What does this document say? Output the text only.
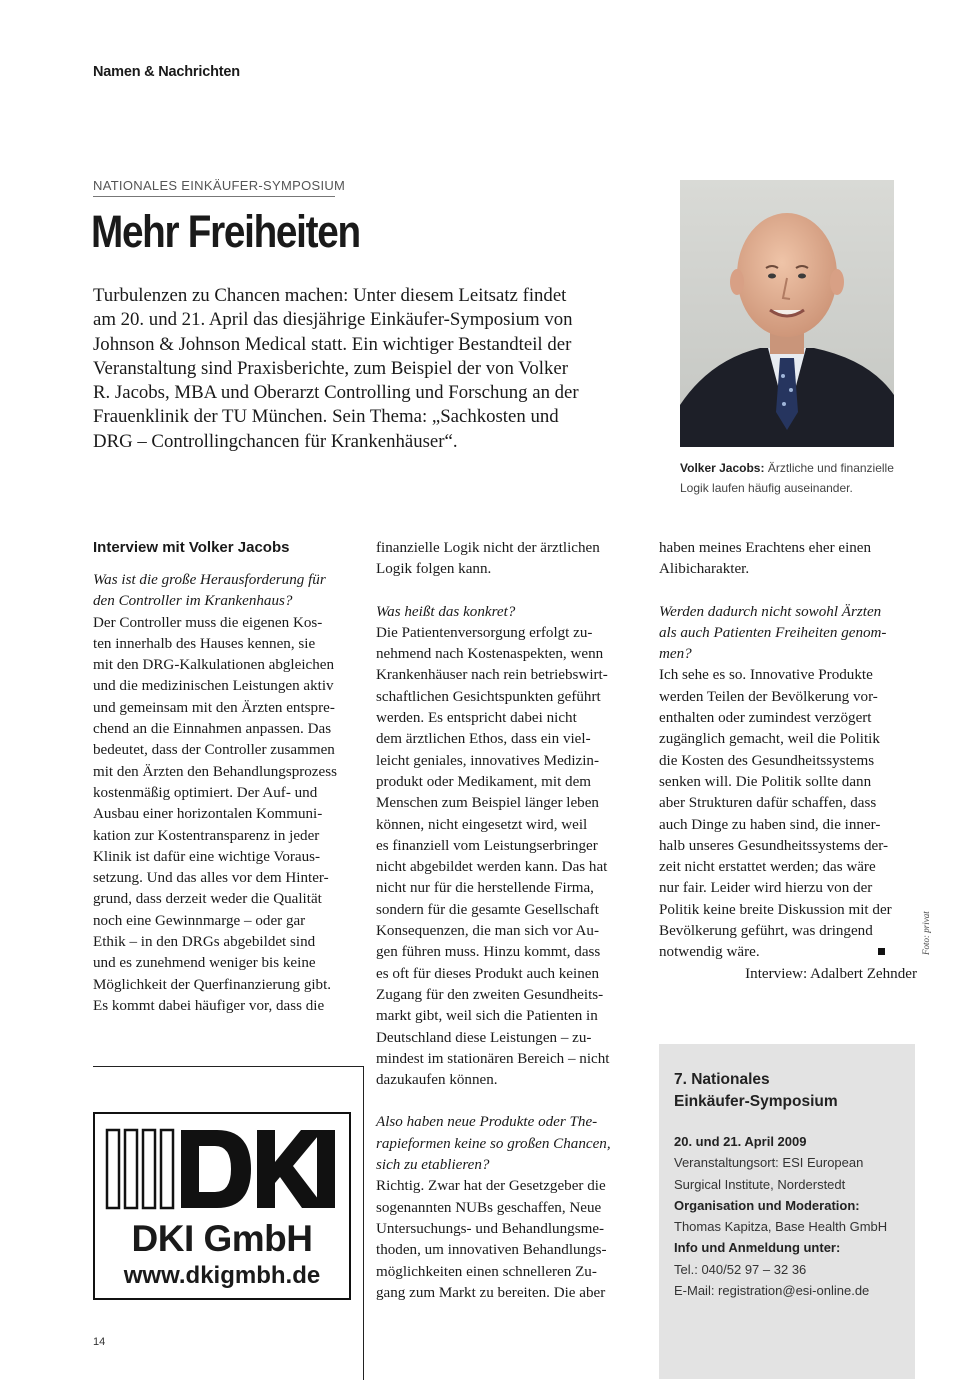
Namen & Nachrichten
NATIONALES EINKÄUFER-SYMPOSIUM
Mehr Freiheiten

Turbulenzen zu Chancen machen: Unter diesem Leitsatz findet

am 20. und 21. April das diesjährige Einkäufer-Symposium von

Johnson & Johnson Medical statt. Ein wichtiger Bestandteil der

Veranstaltung sind Praxisberichte, zum Beispiel der von Volker

R. Jacobs, MBA und Oberarzt Controlling und Forschung an der

Frauenklinik der TU München. Sein Thema: „Sachkosten und

DRG – Controllingchancen für Krankenhäuser“.

Volker Jacobs: Ärztliche und finanzielle
Logik laufen häufig auseinander.
Interview mit Volker Jacobs

Was ist die große Herausforderung für

den Controller im Krankenhaus?

Der Controller muss die eigenen Kos-

ten innerhalb des Hauses kennen, sie

mit den DRG-Kalkulationen abgleichen

und die medizinischen Leistungen aktiv

und gemeinsam mit den Ärzten entspre-

chend an die Einnahmen anpassen. Das

bedeutet, dass der Controller zusammen

mit den Ärzten den Behandlungsprozess

kostenmäßig optimiert. Der Auf- und

Ausbau einer horizontalen Kommuni-

kation zur Kostentransparenz in jeder

Klinik ist dafür eine wichtige Voraus-

setzung. Und das alles vor dem Hinter-

grund, dass derzeit weder die Qualität

noch eine Gewinnmarge – oder gar

Ethik – in den DRGs abgebildet sind

und es zunehmend weniger bis keine

Möglichkeit der Querfinanzierung gibt.

Es kommt dabei häufiger vor, dass die

finanzielle Logik nicht der ärztlichen

Logik folgen kann.

Was heißt das konkret?

Die Patientenversorgung erfolgt zu-

nehmend nach Kostenaspekten, wenn

Krankenhäuser nach rein betriebswirt-

schaftlichen Gesichtspunkten geführt

werden. Es entspricht dabei nicht

dem ärztlichen Ethos, dass ein viel-

leicht geniales, innovatives Medizin-

produkt oder Medikament, mit dem

Menschen zum Beispiel länger leben

können, nicht eingesetzt wird, weil

es finanziell vom Leistungserbringer

nicht abgebildet werden kann. Das hat

nicht nur für die herstellende Firma,

sondern für die gesamte Gesellschaft

Konsequenzen, die man sich vor Au-

gen führen muss. Hinzu kommt, dass

es oft für dieses Produkt auch keinen

Zugang für den zweiten Gesundheits-

markt gibt, weil sich die Patienten in

Deutschland diese Leistungen – zu-

mindest im stationären Bereich – nicht

dazukaufen können.

Also haben neue Produkte oder The-

rapieformen keine so großen Chancen,

sich zu etablieren?

Richtig. Zwar hat der Gesetzgeber die

sogenannten NUBs geschaffen, Neue

Untersuchungs- und Behandlungsme-

thoden, um innovativen Behandlungs-

möglichkeiten einen schnelleren Zu-

gang zum Markt zu bereiten. Die aber

haben meines Erachtens eher einen

Alibicharakter.

Werden dadurch nicht sowohl Ärzten

als auch Patienten Freiheiten genom-

men?

Ich sehe es so. Innovative Produkte

werden Teilen der Bevölkerung vor-

enthalten oder zumindest verzögert

zugänglich gemacht, weil die Politik

die Kosten des Gesundheitssystems

senken will. Die Politik sollte dann

aber Strukturen dafür schaffen, dass

auch Dinge zu haben sind, die inner-

halb unseres Gesundheitssystems der-

zeit nicht erstattet werden; das wäre

nur fair. Leider wird hierzu von der

Politik keine breite Diskussion mit der

Bevölkerung geführt, was dringend

notwendig wäre.

Interview: Adalbert Zehnder

Foto: privat
DKI GmbH
www.dkigmbh.de
7. Nationales
Einkäufer-Symposium

20. und 21. April 2009

Veranstaltungsort: ESI European

Surgical Institute, Norderstedt

Organisation und Moderation:

Thomas Kapitza, Base Health GmbH

Info und Anmeldung unter:

Tel.: 040/52 97 – 32 36

E-Mail: registration@esi-online.de

14
